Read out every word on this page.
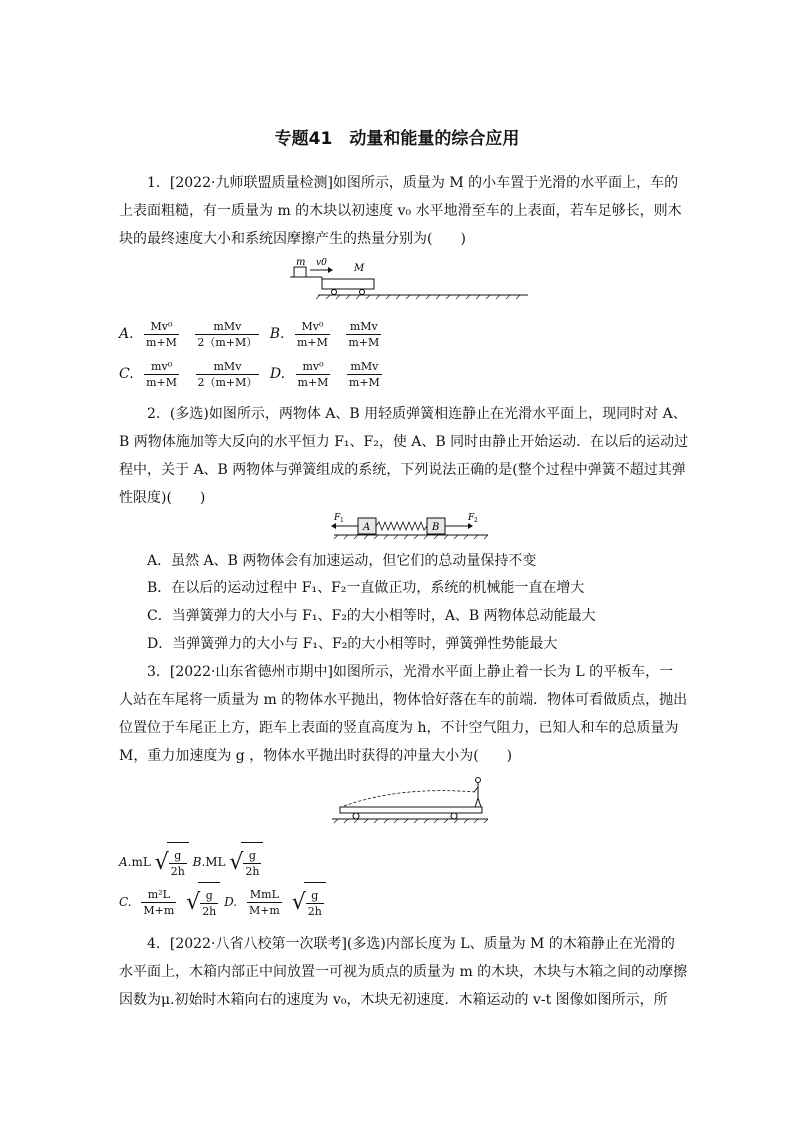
专题41　动量和能量的综合应用
1．[2022·九师联盟质量检测]如图所示，质量为 M 的小车置于光滑的水平面上，车的
上表面粗糙，有一质量为 m 的木块以初速度 v₀ 水平地滑至车的上表面，若车足够长，则木
块的最终速度大小和系统因摩擦产生的热量分别为(　　)
m v0	M
A. $\frac{\text{Mv⁰}}{m+M}$
$\frac{\text{mMv}}{2(m+M)} B$. $\frac{\text{Mv⁰}}{m+M}$
$\frac{\text{mMv}}{m+M}$
C. $\frac{\text{mv⁰}}{m+M}$
$\frac{\text{mMv}}{2(m+M)} D$. $\frac{\text{mv⁰}}{m+M}$
$\frac{\text{mMv}}{m+M}$
2．(多选)如图所示，两物体 A、B 用轻质弹簧相连静止在光滑水平面上，现同时对 A、
B 两物体施加等大反向的水平恒力 F₁、F₂，使 A、B 同时由静止开始运动．在以后的运动过
程中，关于 A、B 两物体与弹簧组成的系统，下列说法正确的是(整个过程中弹簧不超过其弹
性限度)(　　)
F 1
A	B
F 2
A．虽然 A、B 两物体会有加速运动，但它们的总动量保持不变
B．在以后的运动过程中 F₁、F₂一直做正功，系统的机械能一直在增大
C．当弹簧弹力的大小与 F₁、F₂的大小相等时，A、B 两物体总动能最大
D．当弹簧弹力的大小与 F₁、F₂的大小相等时，弹簧弹性势能最大
3．[2022·山东省德州市期中]如图所示，光滑水平面上静止着一长为 L 的平板车，一
人站在车尾将一质量为 m 的物体水平抛出，物体恰好落在车的前端．物体可看做质点，抛出
位置位于车尾正上方，距车上表面的竖直高度为 h，不计空气阻力，已知人和车的总质量为
M，重力加速度为 g ，物体水平抛出时获得的冲量大小为(　　)
A.mL √ $\frac{g}{2h} B.ML$ √ $\frac{g}{2h}$
C. $\frac{\text{m²L}}{M+m}$ √ $\frac{g}{2h} D$. $\frac{\text{MmL}}{M+m}$ √ $\frac{g}{2h}$
4．[2022·八省八校第一次联考](多选)内部长度为 L、质量为 M 的木箱静止在光滑的
水平面上，木箱内部正中间放置一可视为质点的质量为 m 的木块，木块与木箱之间的动摩擦
因数为μ.初始时木箱向右的速度为 v₀，木块无初速度．木箱运动的 v-t 图像如图所示，所
